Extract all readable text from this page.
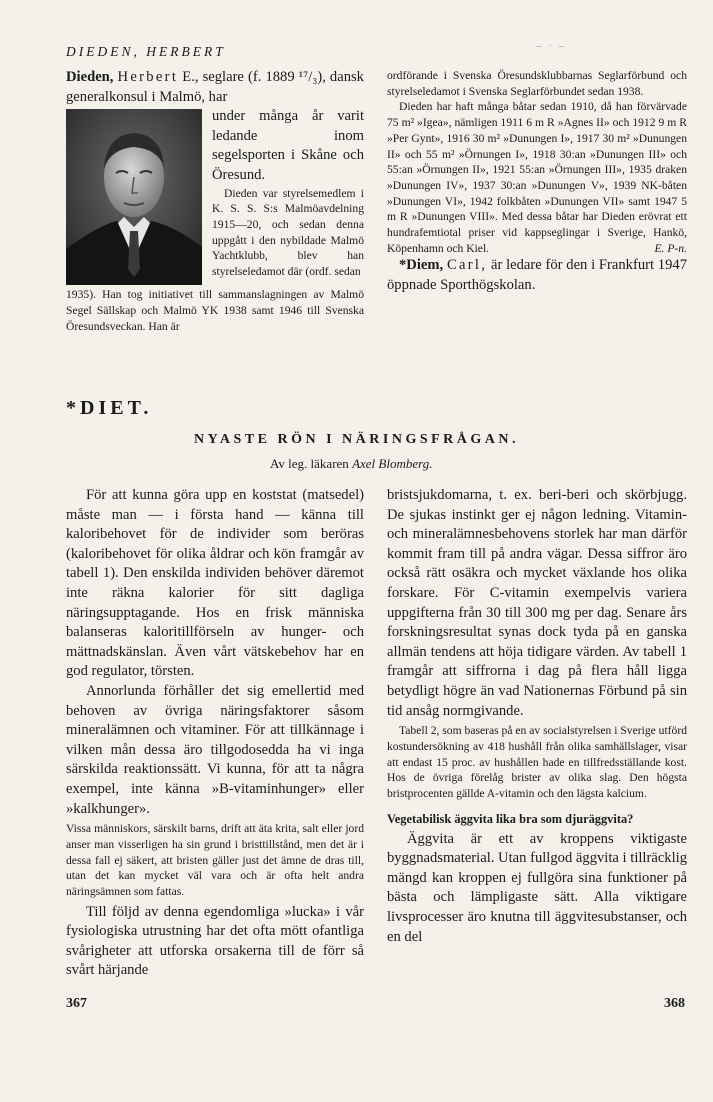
DIEDEN, HERBERT	– · –

Dieden, Herbert E., seglare (f. 1889 ¹⁷/₃), dansk generalkonsul i Malmö, har

under många år varit ledande inom segelsporten i Skåne och Öresund.

Dieden var styrelsemedlem i K. S. S. S:s Malmöavdelning 1915—20, och sedan denna uppgått i den nybildade Malmö Yachtklubb, blev han styrelseledamot där (ordf. sedan

1935). Han tog initiativet till sammanslagningen av Malmö Segel Sällskap och Malmö YK 1938 samt 1946 till Svenska Öresundsveckan. Han är

ordförande i Svenska Öresundsklubbarnas Seglarförbund och styrelseledamot i Svenska Seglarförbundet sedan 1938.

Dieden har haft många båtar sedan 1910, då han förvärvade 75 m² »Igea», nämligen 1911 6 m R »Agnes II» och 1912 9 m R »Per Gynt», 1916 30 m² »Dunungen I», 1917 30 m² »Dunungen II» och 55 m² »Örnungen I», 1918 30:an »Dunungen III» och 55:an »Örnungen II», 1921 55:an »Örnungen III», 1935 draken »Dunungen IV», 1937 30:an »Dunungen V», 1939 NK-båten »Dunungen VI», 1942 folkbåten »Dunungen VII» samt 1947 5 m R »Dunungen VIII». Med dessa båtar har Dieden erövrat ett hundrafemtiotal priser vid kappseglingar i Sverige, Hankö, Köpenhamn och Kiel.	E. P-n.

*Diem, Carl, är ledare för den i Frankfurt 1947 öppnade Sporthögskolan.

*DIET.
NYASTE RÖN I NÄRINGSFRÅGAN.
Av leg. läkaren Axel Blomberg.

För att kunna göra upp en koststat (matsedel) måste man — i första hand — känna till kaloribehovet för de individer som beröras (kaloribehovet för olika åldrar och kön framgår av tabell 1). Den enskilda individen behöver däremot inte räkna kalorier för sitt dagliga näringsupptagande. Hos en frisk människa balanseras kaloritillförseln av hunger- och mättnadskänslan. Även vårt vätskebehov har en god regulator, törsten.

Annorlunda förhåller det sig emellertid med behoven av övriga näringsfaktorer såsom mineralämnen och vitaminer. För att tillkännage i vilken mån dessa äro tillgodosedda ha vi inga särskilda reaktionssätt. Vi kunna, för att ta några exempel, inte känna »B-vitaminhunger» eller »kalkhunger».

Vissa människors, särskilt barns, drift att äta krita, salt eller jord anser man visserligen ha sin grund i bristtillstånd, men det är i dessa fall ej säkert, att bristen gäller just det ämne de dras till, utan det kan mycket väl vara och är ofta helt andra näringsämnen som fattas.

Till följd av denna egendomliga »lucka» i vår fysiologiska utrustning har det ofta mött ofantliga svårigheter att utforska orsakerna till de förr så svårt härjande

bristsjukdomarna, t. ex. beri-beri och skörbjugg. De sjukas instinkt ger ej någon ledning. Vitamin- och mineralämnesbehovens storlek har man därför kommit fram till på andra vägar. Dessa siffror äro också rätt osäkra och mycket växlande hos olika forskare. För C-vitamin exempelvis variera uppgifterna från 30 till 300 mg per dag. Senare års forskningsresultat synas dock tyda på en ganska allmän tendens att höja tidigare värden. Av tabell 1 framgår att siffrorna i dag på flera håll ligga betydligt högre än vad Nationernas Förbund på sin tid ansåg normgivande.

Tabell 2, som baseras på en av socialstyrelsen i Sverige utförd kostundersökning av 418 hushåll från olika samhällslager, visar att endast 15 proc. av hushållen hade en tillfredsställande kost. Hos de övriga förelåg brister av olika slag. Den högsta bristprocenten gällde A-vitamin och den lägsta kalcium.

Vegetabilisk äggvita lika bra som djuräggvita?

Äggvita är ett av kroppens viktigaste byggnadsmaterial. Utan fullgod äggvita i tillräcklig mängd kan kroppen ej fullgöra sina funktioner på bästa och lämpligaste sätt. Alla viktigare livsprocesser äro knutna till äggvitesubstanser, och en del

367	368
